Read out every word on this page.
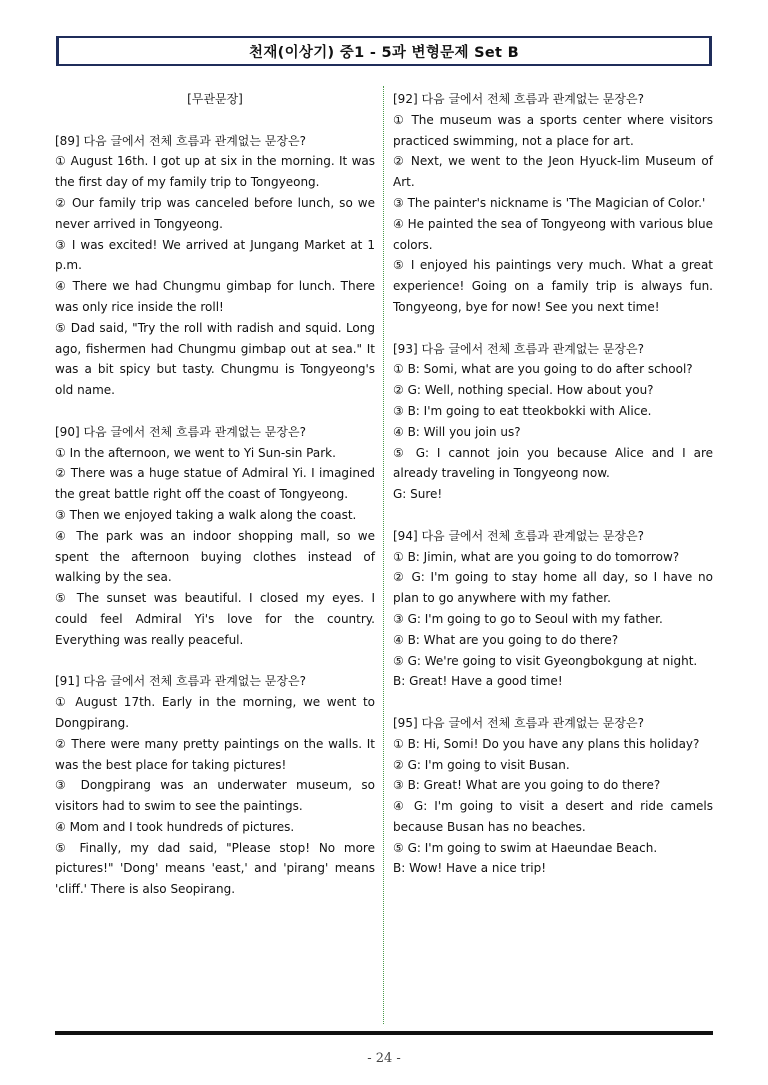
천재(이상기) 중1 - 5과 변형문제 Set B

[무관문장]

[89] 다음 글에서 전체 흐름과 관계없는 문장은?

① August 16th. I got up at six in the morning. It was the first day of my family trip to Tongyeong.

② Our family trip was canceled before lunch, so we never arrived in Tongyeong.

③ I was excited! We arrived at Jungang Market at 1 p.m.

④ There we had Chungmu gimbap for lunch. There was only rice inside the roll!

⑤ Dad said, "Try the roll with radish and squid. Long ago, fishermen had Chungmu gimbap out at sea." It was a bit spicy but tasty. Chungmu is Tongyeong's old name.

[90] 다음 글에서 전체 흐름과 관계없는 문장은?

① In the afternoon, we went to Yi Sun-sin Park.

② There was a huge statue of Admiral Yi. I imagined the great battle right off the coast of Tongyeong.

③ Then we enjoyed taking a walk along the coast.

④ The park was an indoor shopping mall, so we spent the afternoon buying clothes instead of walking by the sea.

⑤ The sunset was beautiful. I closed my eyes. I could feel Admiral Yi's love for the country. Everything was really peaceful.

[91] 다음 글에서 전체 흐름과 관계없는 문장은?

① August 17th. Early in the morning, we went to Dongpirang.

② There were many pretty paintings on the walls. It was the best place for taking pictures!

③ Dongpirang was an underwater museum, so visitors had to swim to see the paintings.

④ Mom and I took hundreds of pictures.

⑤ Finally, my dad said, "Please stop! No more pictures!" 'Dong' means 'east,' and 'pirang' means 'cliff.' There is also Seopirang.

[92] 다음 글에서 전체 흐름과 관계없는 문장은?

① The museum was a sports center where visitors practiced swimming, not a place for art.

② Next, we went to the Jeon Hyuck-lim Museum of Art.

③ The painter's nickname is 'The Magician of Color.'

④ He painted the sea of Tongyeong with various blue colors.

⑤ I enjoyed his paintings very much. What a great experience! Going on a family trip is always fun. Tongyeong, bye for now! See you next time!

[93] 다음 글에서 전체 흐름과 관계없는 문장은?

① B: Somi, what are you going to do after school?

② G: Well, nothing special. How about you?

③ B: I'm going to eat tteokbokki with Alice.

④ B: Will you join us?

⑤ G: I cannot join you because Alice and I are already traveling in Tongyeong now.

G: Sure!

[94] 다음 글에서 전체 흐름과 관계없는 문장은?

① B: Jimin, what are you going to do tomorrow?

② G: I'm going to stay home all day, so I have no plan to go anywhere with my father.

③ G: I'm going to go to Seoul with my father.

④ B: What are you going to do there?

⑤ G: We're going to visit Gyeongbokgung at night.

B: Great! Have a good time!

[95] 다음 글에서 전체 흐름과 관계없는 문장은?

① B: Hi, Somi! Do you have any plans this holiday?

② G: I'm going to visit Busan.

③ B: Great! What are you going to do there?

④ G: I'm going to visit a desert and ride camels because Busan has no beaches.

⑤ G: I'm going to swim at Haeundae Beach.

B: Wow! Have a nice trip!

- 24 -
